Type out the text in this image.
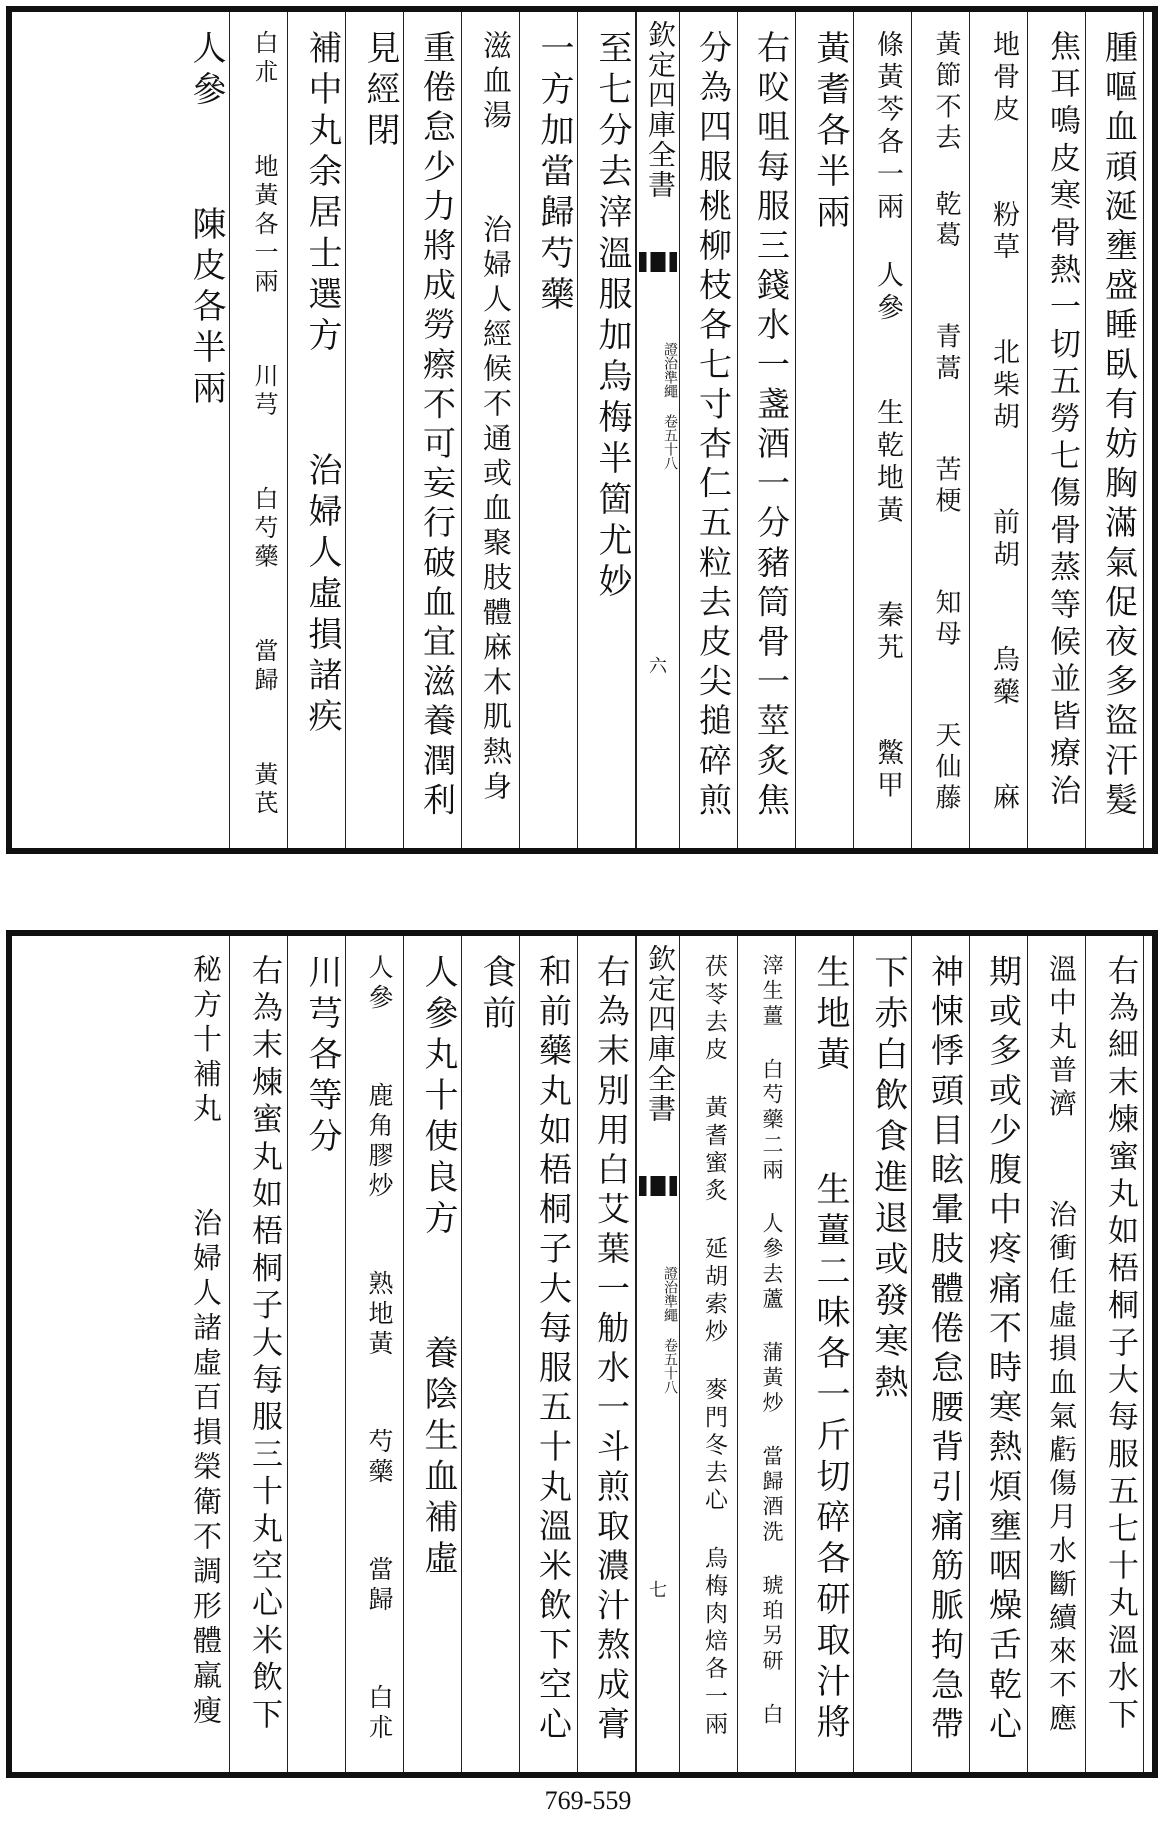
腫嘔血頑涎壅盛睡臥有妨胸滿氣促夜多盜汗髮
焦耳鳴皮寒骨熱一切五勞七傷骨蒸等候並皆療治
地骨皮  粉草  北柴胡  前胡  烏藥  麻
黃節不去 乾葛  青蒿  苦梗  知母  天仙藤
條黃芩各一兩 人參  生乾地黃  秦艽  鱉甲
黃耆各半兩
右㕮咀每服三錢水一盞酒一分豬筒骨一莖炙焦
分為四服桃柳枝各七寸杏仁五粒去皮尖搥碎煎
欽定四庫全書
證治準繩 卷五十八
六
至七分去滓溫服加烏梅半箇尤妙
一方加當歸芍藥
滋血湯  治婦人經候不通或血聚肢體麻木肌熱身
重倦怠少力將成勞瘵不可妄行破血宜滋養潤利
見經閉
補中丸余居士選方  治婦人虛損諸疾
白朮  地黃各一兩  川芎  白芍藥  當歸  黃芪
人參  陳皮各半兩
右為細末煉蜜丸如梧桐子大每服五七十丸溫水下
溫中丸普濟  治衝任虛損血氣虧傷月水斷續來不應
期或多或少腹中疼痛不時寒熱煩壅咽燥舌乾心
神悚悸頭目眩暈肢體倦怠腰背引痛筋脈拘急帶
下赤白飲食進退或發寒熱
生地黃  生薑二味各一斤切碎各研取汁將
滓生薑 白芍藥二兩 人參去蘆 蒲黃炒 當歸酒洗 琥珀另研 白
茯苓去皮 黃耆蜜炙 延胡索炒 麥門冬去心 烏梅肉焙各一兩
欽定四庫全書
證治準繩 卷五十八
七
右為末別用白艾葉一觔水一斗煎取濃汁熬成膏
和前藥丸如梧桐子大每服五十丸溫米飲下空心
食前
人參丸十使良方  養陰生血補虛
人參  鹿角膠炒  熟地黃  芍藥  當歸  白朮
川芎各等分
右為末煉蜜丸如梧桐子大每服三十丸空心米飲下
秘方十補丸  治婦人諸虛百損榮衛不調形體羸瘦
769-559
